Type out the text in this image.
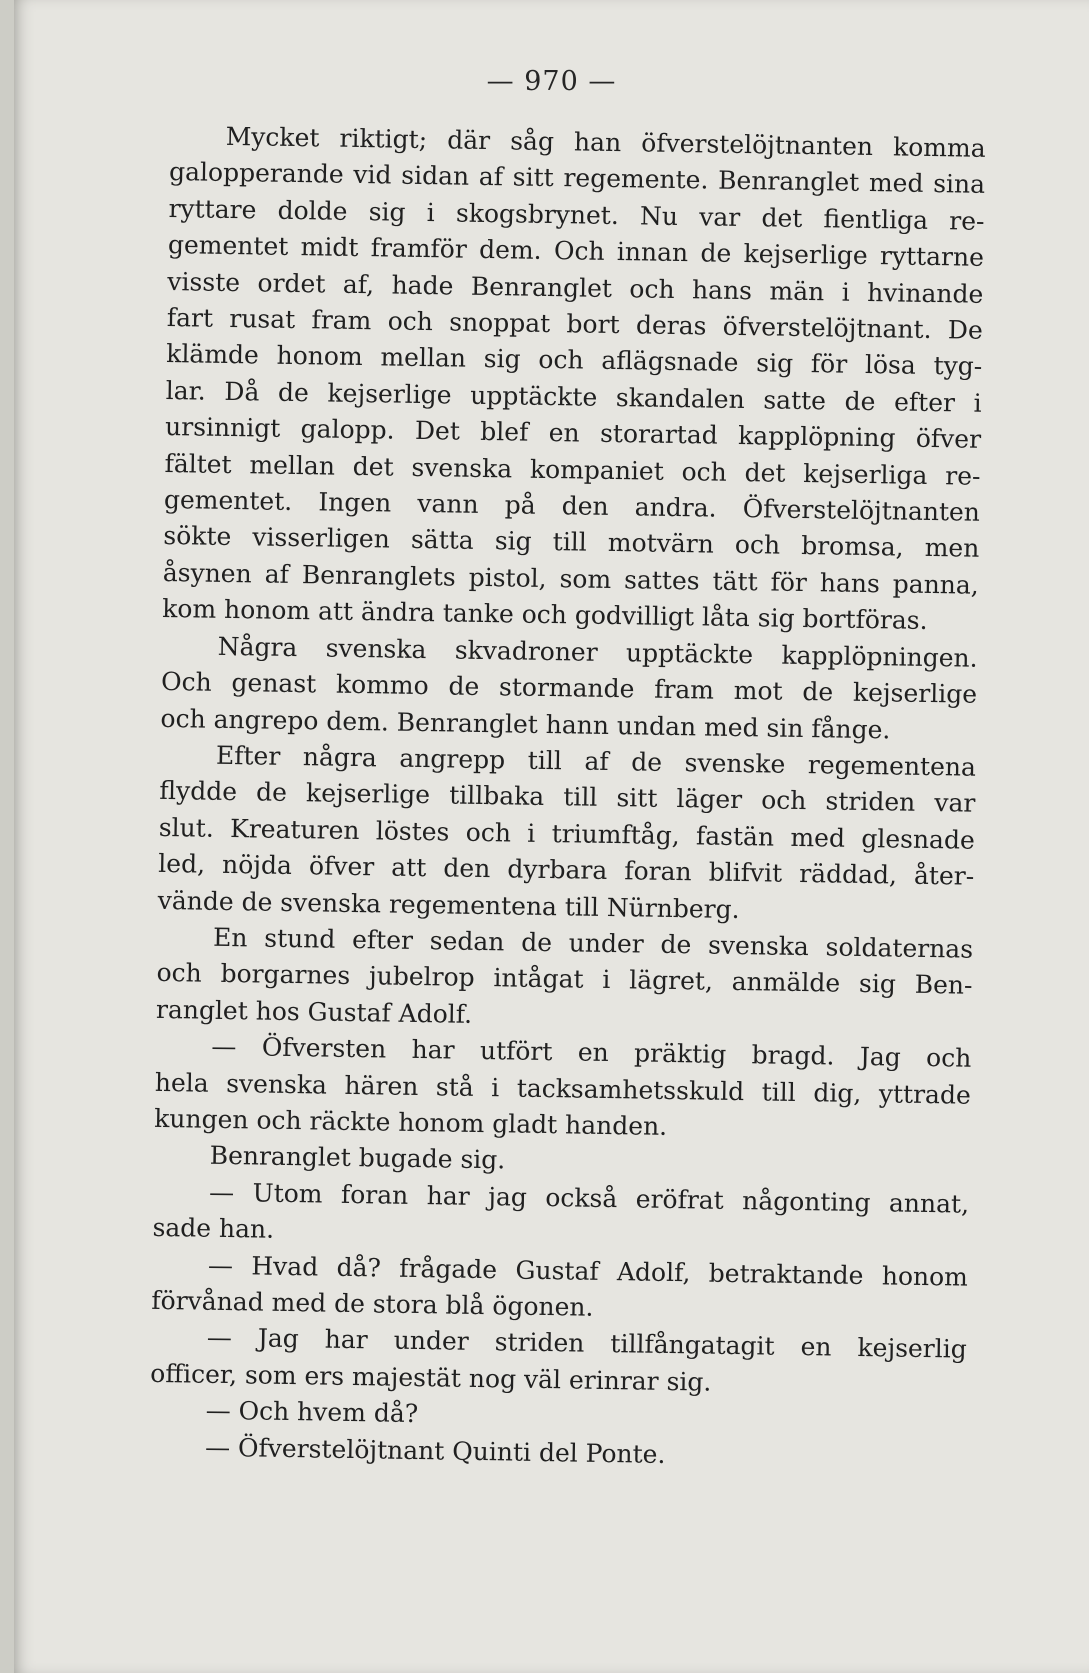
— 970 —
Mycket riktigt; där såg han öfverstelöjtnanten komma
galopperande vid sidan af sitt regemente. Benranglet med sina
ryttare dolde sig i skogsbrynet. Nu var det fientliga re-
gementet midt framför dem. Och innan de kejserlige ryttarne
visste ordet af, hade Benranglet och hans män i hvinande
fart rusat fram och snoppat bort deras öfverstelöjtnant. De
klämde honom mellan sig och aflägsnade sig för lösa tyg-
lar. Då de kejserlige upptäckte skandalen satte de efter i
ursinnigt galopp. Det blef en storartad kapplöpning öfver
fältet mellan det svenska kompaniet och det kejserliga re-
gementet. Ingen vann på den andra. Öfverstelöjtnanten
sökte visserligen sätta sig till motvärn och bromsa, men
åsynen af Benranglets pistol, som sattes tätt för hans panna,
kom honom att ändra tanke och godvilligt låta sig bortföras.
Några svenska skvadroner upptäckte kapplöpningen.
Och genast kommo de stormande fram mot de kejserlige
och angrepo dem. Benranglet hann undan med sin fånge.
Efter några angrepp till af de svenske regementena
flydde de kejserlige tillbaka till sitt läger och striden var
slut. Kreaturen löstes och i triumftåg, fastän med glesnade
led, nöjda öfver att den dyrbara foran blifvit räddad, åter-
vände de svenska regementena till Nürnberg.
En stund efter sedan de under de svenska soldaternas
och borgarnes jubelrop intågat i lägret, anmälde sig Ben-
ranglet hos Gustaf Adolf.
— Öfversten har utfört en präktig bragd. Jag och
hela svenska hären stå i tacksamhetsskuld till dig, yttrade
kungen och räckte honom gladt handen.
Benranglet bugade sig.
— Utom foran har jag också eröfrat någonting annat,
sade han.
— Hvad då? frågade Gustaf Adolf, betraktande honom
förvånad med de stora blå ögonen.
— Jag har under striden tillfångatagit en kejserlig
officer, som ers majestät nog väl erinrar sig.
— Och hvem då?
— Öfverstelöjtnant Quinti del Ponte.
